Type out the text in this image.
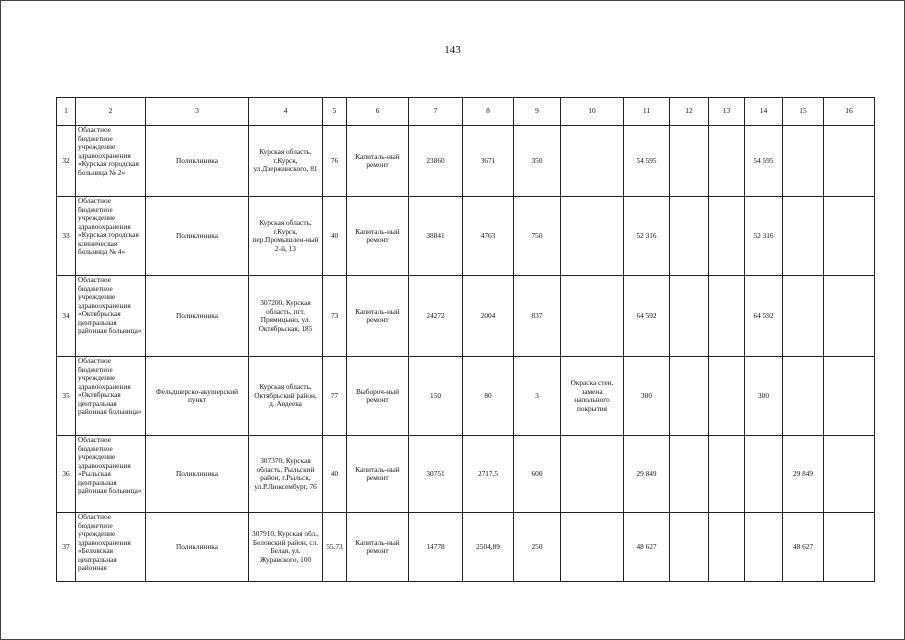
143
1	2	3	4	5	6	7	8	9	10	11	12	13	14	15	16
32	Областное бюджетное учреждение здравоохранения «Курская городская больница № 2»	Поликлиника	Курская область, г.Курск, ул.Дзержинского, 81	76	Капиталь-ный ремонт	23860	3671	350		54 595			54 595		
33	Областное бюджетное учреждение здравоохранения «Курская городская клиническая больница № 4»	Поликлиника	Курская область, г.Курск, пер.Промышлен-ный 2-й, 13	40	Капиталь-ный ремонт	38841	4763	750		52 316			52 316		
34	Областное бюджетное учреждение здравоохранения «Октябрьская центральная районная больница»	Поликлиника	307200, Курская область, пгт. Прямицыно, ул. Октябрьская, 185	73	Капиталь-ный ремонт	24272	2004	837		64 592			64 592		
35	Областное бюджетное учреждение здравоохранения «Октябрьская центральная районная больница»	Фельдшерско-акушерский пункт	Курская область, Октябрьский район, д. Авдеева	77	Выбороч-ный ремонт	150	80	3	Окраска стен, замена напольного покрытия	300			300		
36	Областное бюджетное учреждение здравоохранения «Рыльская центральная районная больница»	Поликлиника	307370, Курская область, Рыльский район, г.Рыльск, ул.Р.Люксембург, 76	40	Капиталь-ный ремонт	30751	2717,5	600		29 849				29 849	
37	Областное бюджетное учреждение здравоохранения «Беловская центральная районная	Поликлиника	307910, Курская обл., Беловский район, сл. Белая, ул. Журавского, 100	55.73	Капиталь-ный ремонт	14778	2504,89	250		48 627				48 627	
